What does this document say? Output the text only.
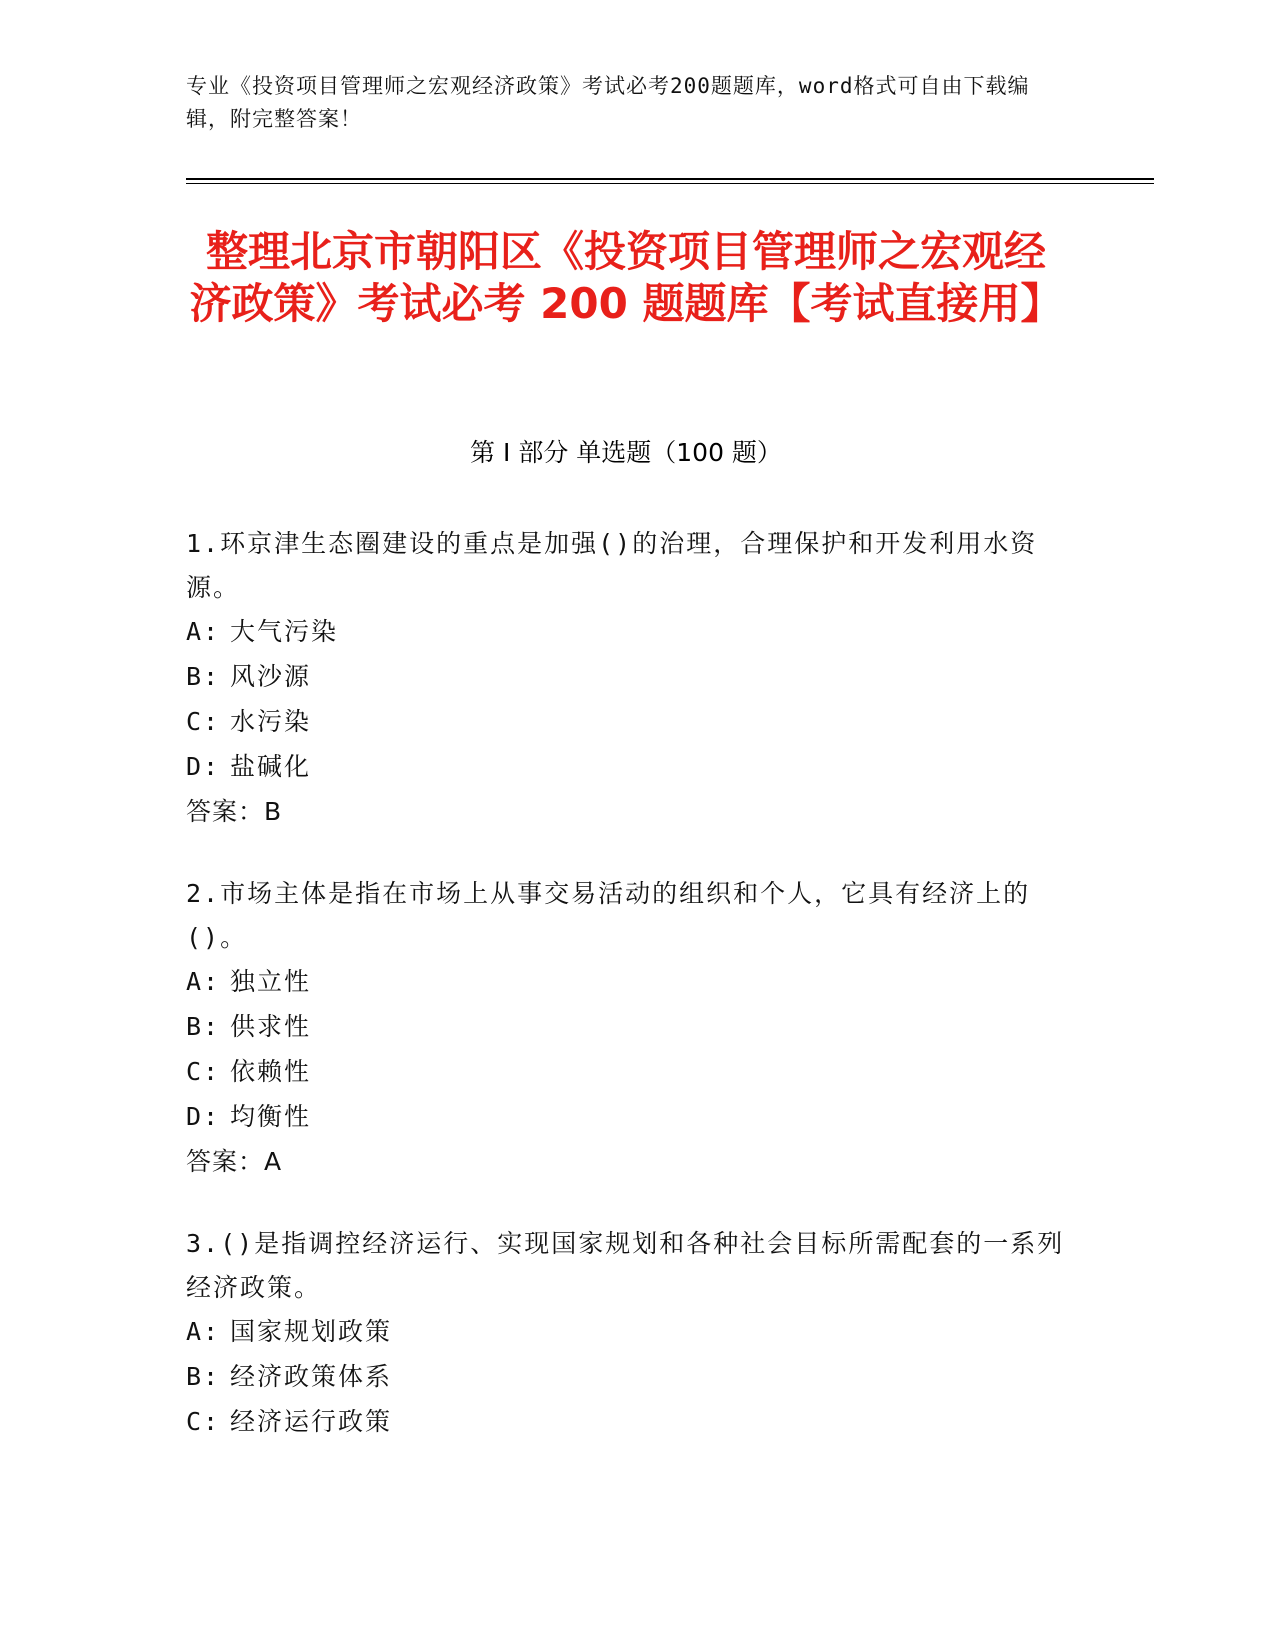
专业《投资项目管理师之宏观经济政策》考试必考200题题库，word格式可自由下载编辑，附完整答案！
整理北京市朝阳区《投资项目管理师之宏观经济政策》考试必考 200 题题库【考试直接用】
第 I 部分 单选题（100 题）
1.环京津生态圈建设的重点是加强()的治理，合理保护和开发利用水资源。
A: 大气污染
B: 风沙源
C: 水污染
D: 盐碱化
答案：B
2.市场主体是指在市场上从事交易活动的组织和个人，它具有经济上的()。
A: 独立性
B: 供求性
C: 依赖性
D: 均衡性
答案：A
3.()是指调控经济运行、实现国家规划和各种社会目标所需配套的一系列经济政策。
A: 国家规划政策
B: 经济政策体系
C: 经济运行政策
